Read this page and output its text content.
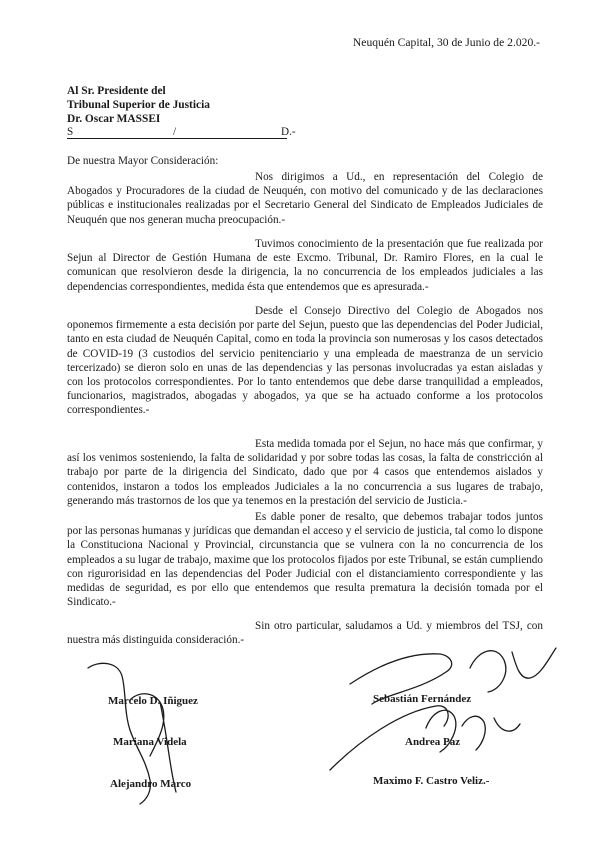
Neuquén Capital, 30 de Junio de 2.020.-
Al Sr. Presidente del
Tribunal Superior de Justicia
Dr. Oscar MASSEI
S	/	D.-
De nuestra Mayor Consideración:

Nos dirigimos a Ud., en representación del Colegio de Abogados y Procuradores de la ciudad de Neuquén, con motivo del comunicado y de las declaraciones públicas e institucionales realizadas por el Secretario General del Sindicato de Empleados Judiciales de Neuquén que nos generan mucha preocupación.-

Tuvimos conocimiento de la presentación que fue realizada por Sejun al Director de Gestión Humana de este Excmo. Tribunal, Dr. Ramiro Flores, en la cual le comunican que resolvieron desde la dirigencia, la no concurrencia de los empleados judiciales a las dependencias correspondientes, medida ésta que entendemos que es apresurada.-

Desde el Consejo Directivo del Colegio de Abogados nos oponemos firmemente a esta decisión por parte del Sejun, puesto que las dependencias del Poder Judicial, tanto en esta ciudad de Neuquén Capital, como en toda la provincia son numerosas y los casos detectados de COVID-19 (3 custodios del servicio penitenciario y una empleada de maestranza de un servicio tercerizado) se dieron solo en unas de las dependencias y las personas involucradas ya estan aisladas y con los protocolos correspondientes. Por lo tanto entendemos que debe darse tranquilidad a empleados, funcionarios, magistrados, abogadas y abogados, ya que se ha actuado conforme a los protocolos correspondientes.-

Esta medida tomada por el Sejun, no hace más que confirmar, y así los venimos sosteniendo, la falta de solidaridad y por sobre todas las cosas, la falta de constricción al trabajo por parte de la dirigencia del Sindicato, dado que por 4 casos que entendemos aislados y contenidos, instaron a todos los empleados Judiciales a la no concurrencia a sus lugares de trabajo, generando más trastornos de los que ya tenemos en la prestación del servicio de Justicia.-

Es dable poner de resalto, que debemos trabajar todos juntos por las personas humanas y jurídicas que demandan el acceso y el servicio de justicia, tal como lo dispone la Constituciona Nacional y Provincial, circunstancia que se vulnera con la no concurrencia de los empleados a su lugar de trabajo, maxime que los protocolos fijados por este Tribunal, se están cumpliendo con rigurorisidad en las dependencias del Poder Judicial con el distanciamiento correspondiente y las medidas de seguridad, es por ello que entendemos que resulta prematura la decisión tomada por el Sindicato.-

Sin otro particular, saludamos a Ud. y miembros del TSJ, con nuestra más distinguida consideración.-

Marcelo D. Iñiguez
Mariana Videla
Alejandro Marco
Sebastián Fernández
Andrea Paz
Maximo F. Castro Veliz.-
